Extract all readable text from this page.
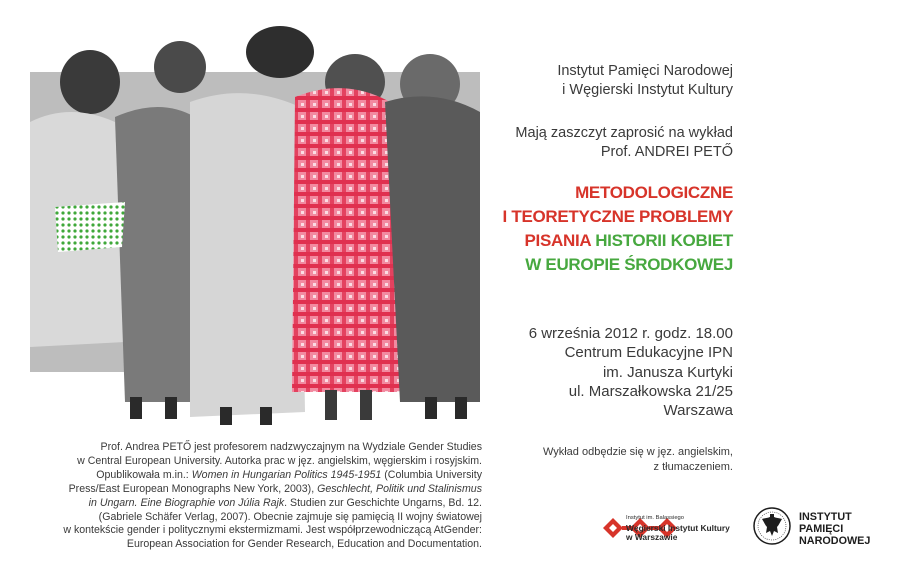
Instytut Pamięci Narodowej
i Węgierski Instytut Kultury
Mają zaszczyt zaprosić na wykład
Prof. ANDREI PETŐ
METODOLOGICZNE
I TEORETYCZNE PROBLEMY
PISANIA HISTORII KOBIET
W EUROPIE ŚRODKOWEJ
6 września 2012 r. godz. 18.00
Centrum Edukacyjne IPN
im. Janusza Kurtyki
ul. Marszałkowska 21/25
Warszawa
Wykład odbędzie się w jęz. angielskim,
z tłumaczeniem.
Prof. Andrea PETŐ jest profesorem nadzwyczajnym na Wydziale Gender Studies
w Central European University. Autorka prac w jęz. angielskim, węgierskim i rosyjskim.
Opublikowała m.in.: Women in Hungarian Politics 1945-1951 (Columbia University
Press/East European Monographs New York, 2003), Geschlecht, Politik und Stalinismus
in Ungarn. Eine Biographie von Júlia Rajk. Studien zur Geschichte Ungarns, Bd. 12.
(Gabriele Schäfer Verlag, 2007). Obecnie zajmuje się pamięcią II wojny światowej
w kontekście gender i politycznymi ekstermizmami. Jest współprzewodniczącą AtGender:
European Association for Gender Research, Education and Documentation.
Instytut im. Balassiego
Węgierski Instytut Kultury
w Warszawie
INSTYTUT
PAMIĘCI
NARODOWEJ
